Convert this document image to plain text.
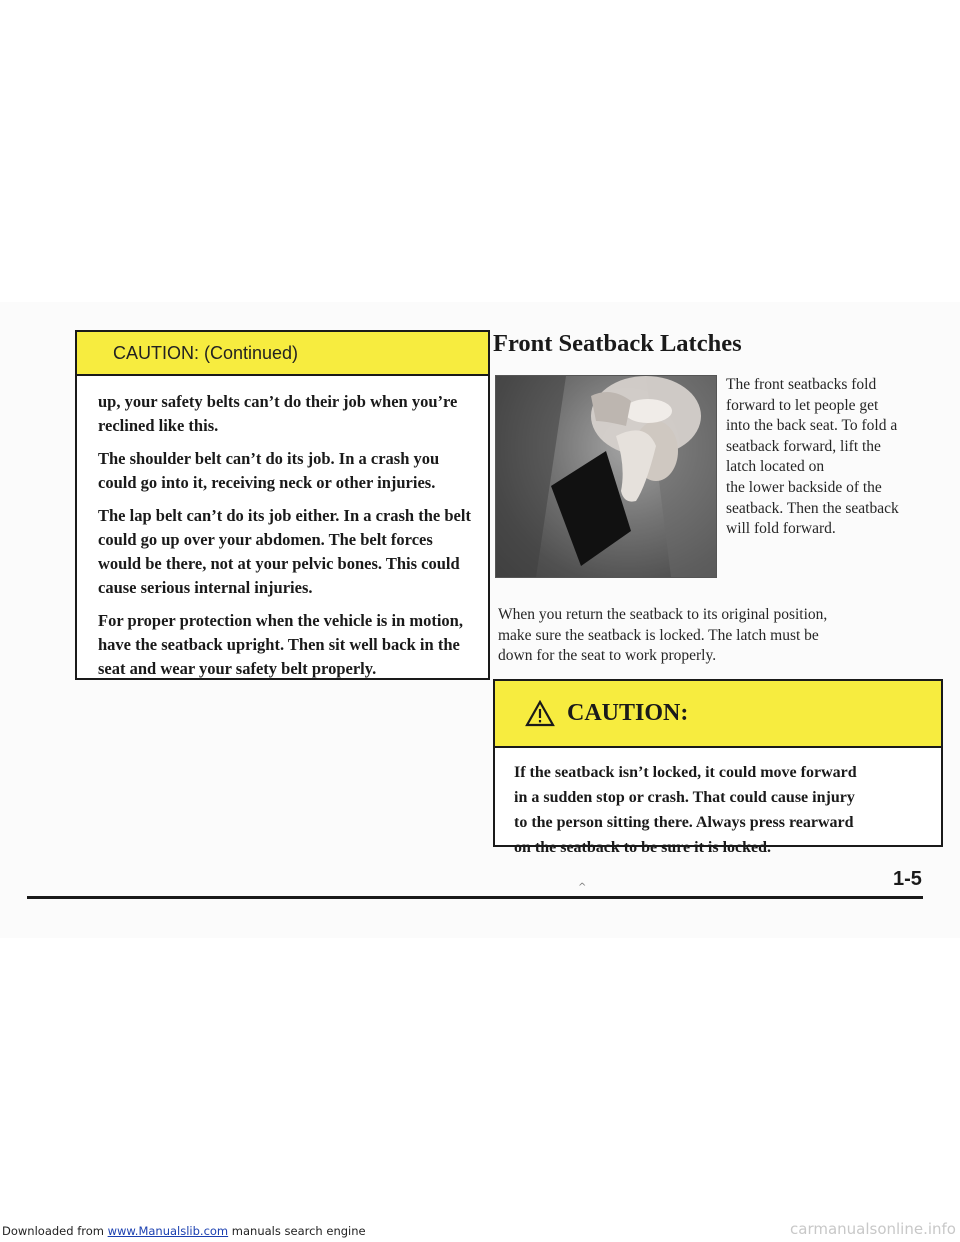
CAUTION: (Continued)

up, your safety belts can’t do their job when you’re reclined like this.

The shoulder belt can’t do its job. In a crash you could go into it, receiving neck or other injuries.

The lap belt can’t do its job either. In a crash the belt could go up over your abdomen. The belt forces would be there, not at your pelvic bones. This could cause serious internal injuries.

For proper protection when the vehicle is in motion, have the seatback upright. Then sit well back in the seat and wear your safety belt properly.

Front Seatback Latches
The front seatbacks fold
forward to let people get
into the back seat. To fold a
seatback forward, lift the
latch located on
the lower backside of the
seatback. Then the seatback
will fold forward.
When you return the seatback to its original position,
make sure the seatback is locked. The latch must be
down for the seat to work properly.
CAUTION:
If the seatback isn’t locked, it could move forward
in a sudden stop or crash. That could cause injury
to the person sitting there. Always press rearward
on the seatback to be sure it is locked.
^	1-5
Downloaded from www.Manualslib.com manuals search engine	carmanualsonline.info
